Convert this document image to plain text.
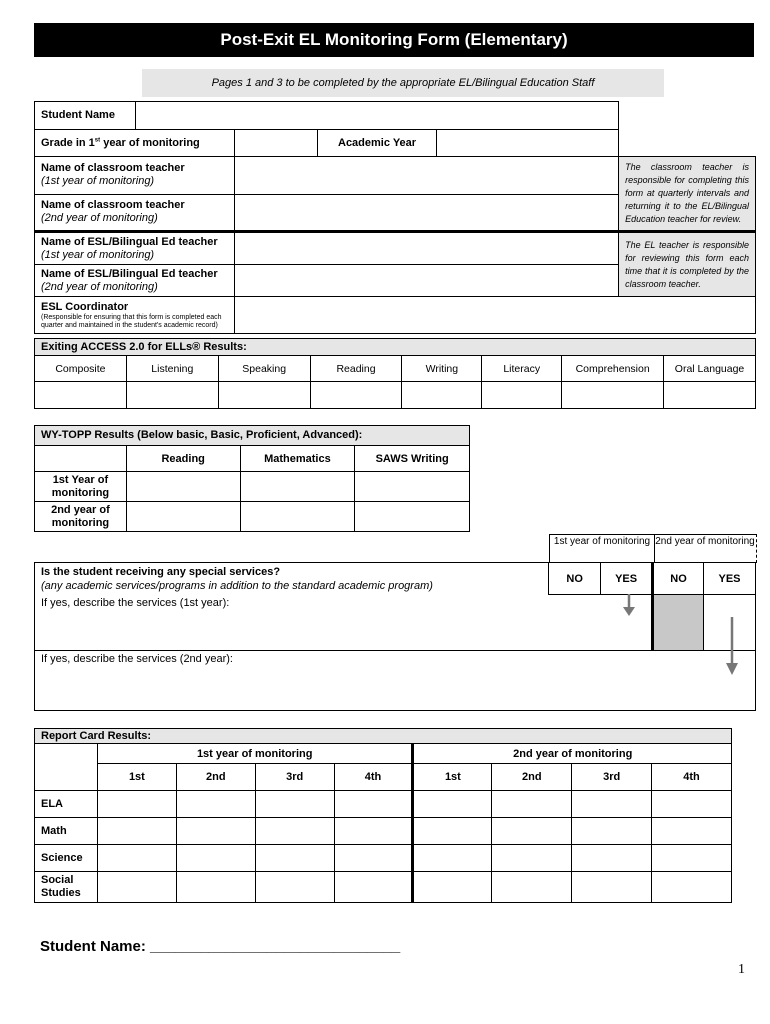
Post-Exit EL Monitoring Form (Elementary)
Pages 1 and 3 to be completed by the appropriate EL/Bilingual Education Staff
Student Name					
Grade in 1st year of monitoring			Academic Year		

Name of classroom teacher
(1st year of monitoring)					The classroom teacher is responsible for completing this form at quarterly intervals and returning it to the EL/Bilingual Education teacher for review.

Name of classroom teacher
(2nd year of monitoring)					

Name of ESL/Bilingual Ed teacher
(1st year of monitoring)					The EL teacher is responsible for reviewing this form each time that it is completed by the classroom teacher.

Name of ESL/Bilingual Ed teacher
(2nd year of monitoring)					

ESL Coordinator
(Responsible for ensuring that this form is completed each quarter and maintained in the student's academic record)					

Exiting ACCESS 2.0 for ELLs® Results:							
Composite	Listening	Speaking	Reading	Writing	Literacy	Comprehension	Oral Language

WY-TOPP Results (Below basic, Basic, Proficient, Advanced):			
	Reading	Mathematics	SAWS Writing
1st Year of monitoring			
2nd year of monitoring			
1st year of monitoring 2nd year of monitoring
Is the student receiving any special services?
(any academic services/programs in addition to the standard academic program)	NO	YES	NO	YES
If yes, describe the services (1st year):				
If yes, describe the services (2nd year):				
Report Card Results:								
	1st year of monitoring				2nd year of monitoring			
	1st	2nd	3rd	4th	1st	2nd	3rd	4th
ELA								
Math								
Science								
Social Studies								
Student Name: ______________________________
1
